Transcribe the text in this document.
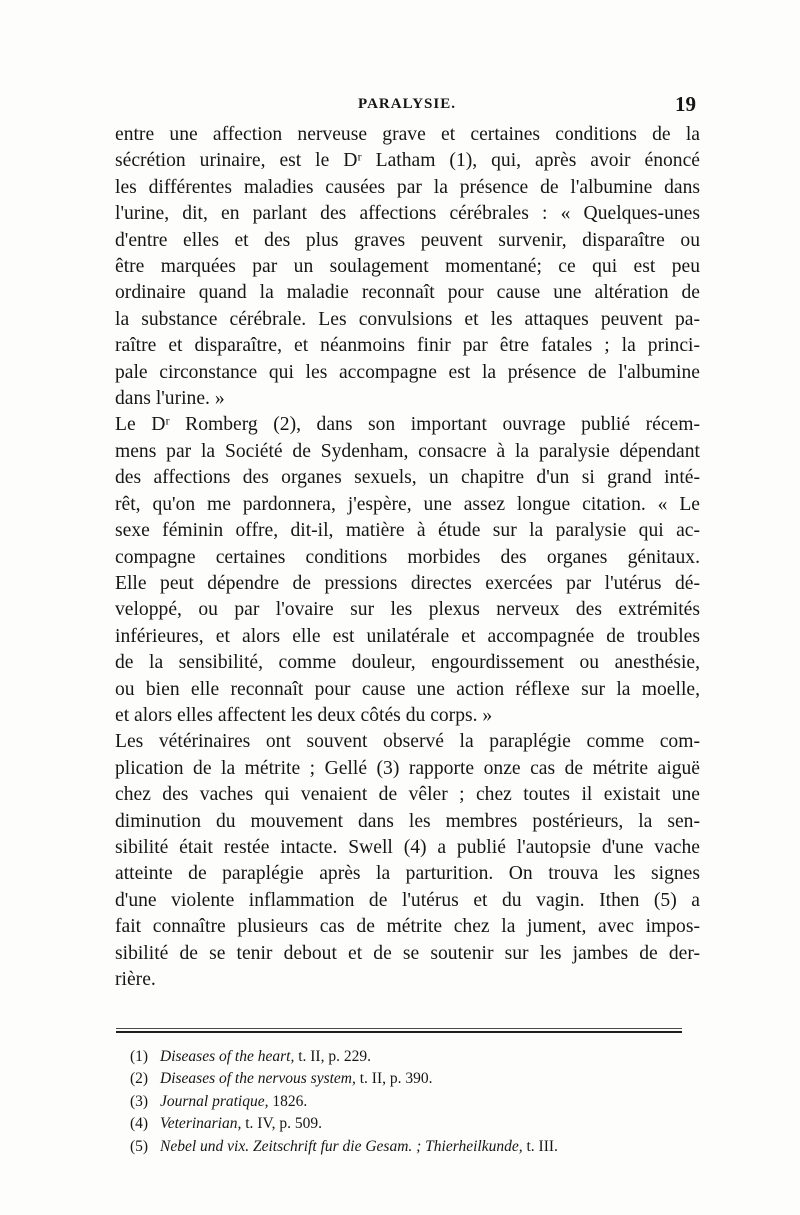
PARALYSIE.	19
entre une affection nerveuse grave et certaines conditions de la
sécrétion urinaire, est le Dʳ Latham (1), qui, après avoir énoncé
les différentes maladies causées par la présence de l'albumine dans
l'urine, dit, en parlant des affections cérébrales : « Quelques-unes
d'entre elles et des plus graves peuvent survenir, disparaître ou
être marquées par un soulagement momentané; ce qui est peu
ordinaire quand la maladie reconnaît pour cause une altération de
la substance cérébrale. Les convulsions et les attaques peuvent pa-
raître et disparaître, et néanmoins finir par être fatales ; la princi-
pale circonstance qui les accompagne est la présence de l'albumine
dans l'urine. »
Le Dʳ Romberg (2), dans son important ouvrage publié récem-
mens par la Société de Sydenham, consacre à la paralysie dépendant
des affections des organes sexuels, un chapitre d'un si grand inté-
rêt, qu'on me pardonnera, j'espère, une assez longue citation. « Le
sexe féminin offre, dit-il, matière à étude sur la paralysie qui ac-
compagne certaines conditions morbides des organes génitaux.
Elle peut dépendre de pressions directes exercées par l'utérus dé-
veloppé, ou par l'ovaire sur les plexus nerveux des extrémités
inférieures, et alors elle est unilatérale et accompagnée de troubles
de la sensibilité, comme douleur, engourdissement ou anesthésie,
ou bien elle reconnaît pour cause une action réflexe sur la moelle,
et alors elles affectent les deux côtés du corps. »
Les vétérinaires ont souvent observé la paraplégie comme com-
plication de la métrite ; Gellé (3) rapporte onze cas de métrite aiguë
chez des vaches qui venaient de vêler ; chez toutes il existait une
diminution du mouvement dans les membres postérieurs, la sen-
sibilité était restée intacte. Swell (4) a publié l'autopsie d'une vache
atteinte de paraplégie après la parturition. On trouva les signes
d'une violente inflammation de l'utérus et du vagin. Ithen (5) a
fait connaître plusieurs cas de métrite chez la jument, avec impos-
sibilité de se tenir debout et de se soutenir sur les jambes de der-
rière.
(1) Diseases of the heart, t. II, p. 229.
(2) Diseases of the nervous system, t. II, p. 390.
(3) Journal pratique, 1826.
(4) Veterinarian, t. IV, p. 509.
(5) Nebel und vix. Zeitschrift fur die Gesam. ; Thierheilkunde, t. III.
